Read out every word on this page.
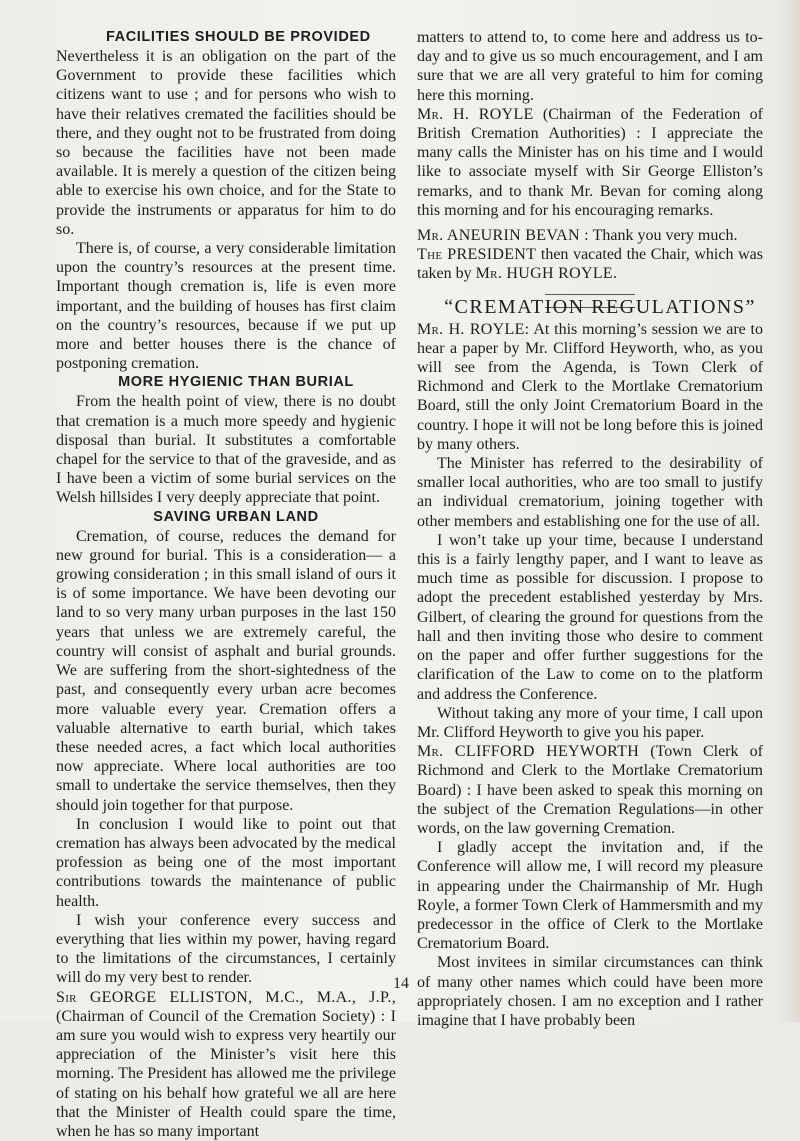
FACILITIES SHOULD BE PROVIDED

Nevertheless it is an obligation on the part of the Government to provide these facilities which citizens want to use ; and for persons who wish to have their relatives cremated the facilities should be there, and they ought not to be frustrated from doing so because the facilities have not been made available. It is merely a question of the citizen being able to exercise his own choice, and for the State to provide the instruments or apparatus for him to do so.

There is, of course, a very considerable limitation upon the country’s resources at the present time. Important though cremation is, life is even more important, and the building of houses has first claim on the country’s resources, because if we put up more and better houses there is the chance of postponing cremation.

MORE HYGIENIC THAN BURIAL

From the health point of view, there is no doubt that cremation is a much more speedy and hygienic disposal than burial. It substitutes a comfortable chapel for the service to that of the graveside, and as I have been a victim of some burial services on the Welsh hillsides I very deeply appreciate that point.

SAVING URBAN LAND

Cremation, of course, reduces the demand for new ground for burial. This is a consideration— a growing consideration ; in this small island of ours it is of some importance. We have been devoting our land to so very many urban purposes in the last 150 years that unless we are extremely careful, the country will consist of asphalt and burial grounds. We are suffering from the short-sightedness of the past, and consequently every urban acre becomes more valuable every year. Cremation offers a valuable alternative to earth burial, which takes these needed acres, a fact which local authorities now appreciate. Where local authorities are too small to undertake the service themselves, then they should join together for that purpose.

In conclusion I would like to point out that cremation has always been advocated by the medical profession as being one of the most important contributions towards the maintenance of public health.

I wish your conference every success and everything that lies within my power, having regard to the limitations of the circumstances, I certainly will do my very best to render.

Sir GEORGE ELLISTON, M.C., M.A., J.P., (Chairman of Council of the Cremation Society) : I am sure you would wish to express very heartily our appreciation of the Minister’s visit here this morning. The President has allowed me the privilege of stating on his behalf how grateful we all are here that the Minister of Health could spare the time, when he has so many important

matters to attend to, to come here and address us to-day and to give us so much encouragement, and I am sure that we are all very grateful to him for coming here this morning.

Mr. H. ROYLE (Chairman of the Federation of British Cremation Authorities) : I appreciate the many calls the Minister has on his time and I would like to associate myself with Sir George Elliston’s remarks, and to thank Mr. Bevan for coming along this morning and for his encouraging remarks.

Mr. ANEURIN BEVAN : Thank you very much.

The PRESIDENT then vacated the Chair, which was taken by Mr. HUGH ROYLE.

“CREMATION REGULATIONS”

Mr. H. ROYLE: At this morning’s session we are to hear a paper by Mr. Clifford Heyworth, who, as you will see from the Agenda, is Town Clerk of Richmond and Clerk to the Mortlake Crematorium Board, still the only Joint Crematorium Board in the country. I hope it will not be long before this is joined by many others.

The Minister has referred to the desirability of smaller local authorities, who are too small to justify an individual crematorium, joining together with other members and establishing one for the use of all.

I won’t take up your time, because I understand this is a fairly lengthy paper, and I want to leave as much time as possible for discussion. I propose to adopt the precedent established yesterday by Mrs. Gilbert, of clearing the ground for questions from the hall and then inviting those who desire to comment on the paper and offer further suggestions for the clarification of the Law to come on to the platform and address the Conference.

Without taking any more of your time, I call upon Mr. Clifford Heyworth to give you his paper.

Mr. CLIFFORD HEYWORTH (Town Clerk of Richmond and Clerk to the Mortlake Crematorium Board) : I have been asked to speak this morning on the subject of the Cremation Regulations—in other words, on the law governing Cremation.

I gladly accept the invitation and, if the Conference will allow me, I will record my pleasure in appearing under the Chairmanship of Mr. Hugh Royle, a former Town Clerk of Hammersmith and my predecessor in the office of Clerk to the Mortlake Crematorium Board.

Most invitees in similar circumstances can think of many other names which could have been more appropriately chosen. I am no exception and I rather imagine that I have probably been

14
